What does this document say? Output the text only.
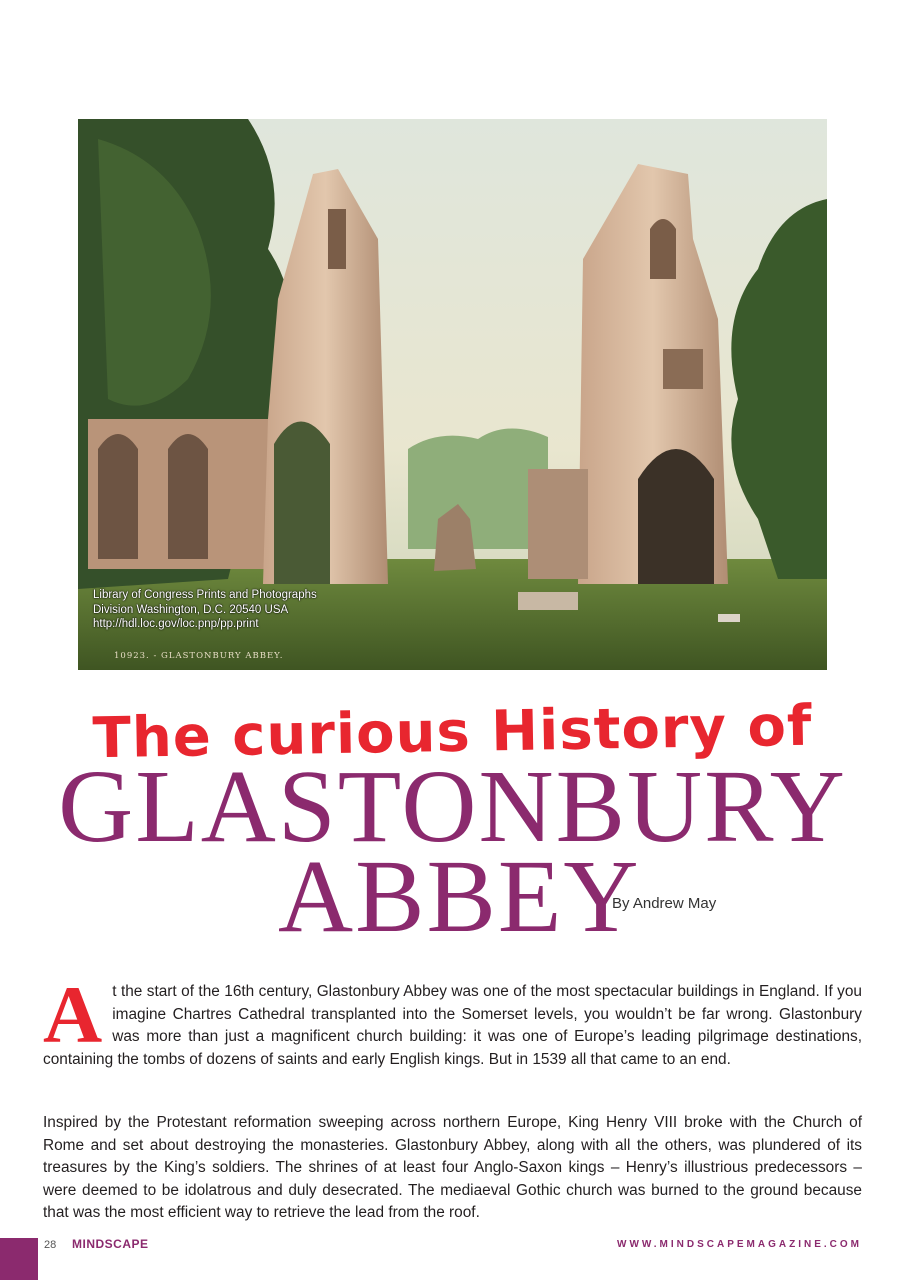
Library of Congress Prints and Photographs
Division Washington, D.C. 20540 USA
http://hdl.loc.gov/loc.pnp/pp.print
10923. - GLASTONBURY ABBEY.
The curious History of
GLASTONBURY
ABBEY
By Andrew May
A t the start of the 16th century, Glastonbury Abbey was one of the most spectacular buildings in England. If you imagine Chartres Cathedral transplanted into the Somerset levels, you wouldn’t be far wrong. Glastonbury was more than just a magnificent church building: it was one of Europe’s leading pilgrimage destinations, containing the tombs of dozens of saints and early English kings. But in 1539 all that came to an end.
Inspired by the Protestant reformation sweeping across northern Europe, King Henry VIII broke with the Church of Rome and set about destroying the monasteries. Glastonbury Abbey, along with all the others, was plundered of its treasures by the King’s soldiers. The shrines of at least four Anglo-Saxon kings – Henry’s illustrious predecessors – were deemed to be idolatrous and duly desecrated. The mediaeval Gothic church was burned to the ground because that was the most efficient way to retrieve the lead from the roof.
28 MINDSCAPE	WWW.MINDSCAPEMAGAZINE.COM
